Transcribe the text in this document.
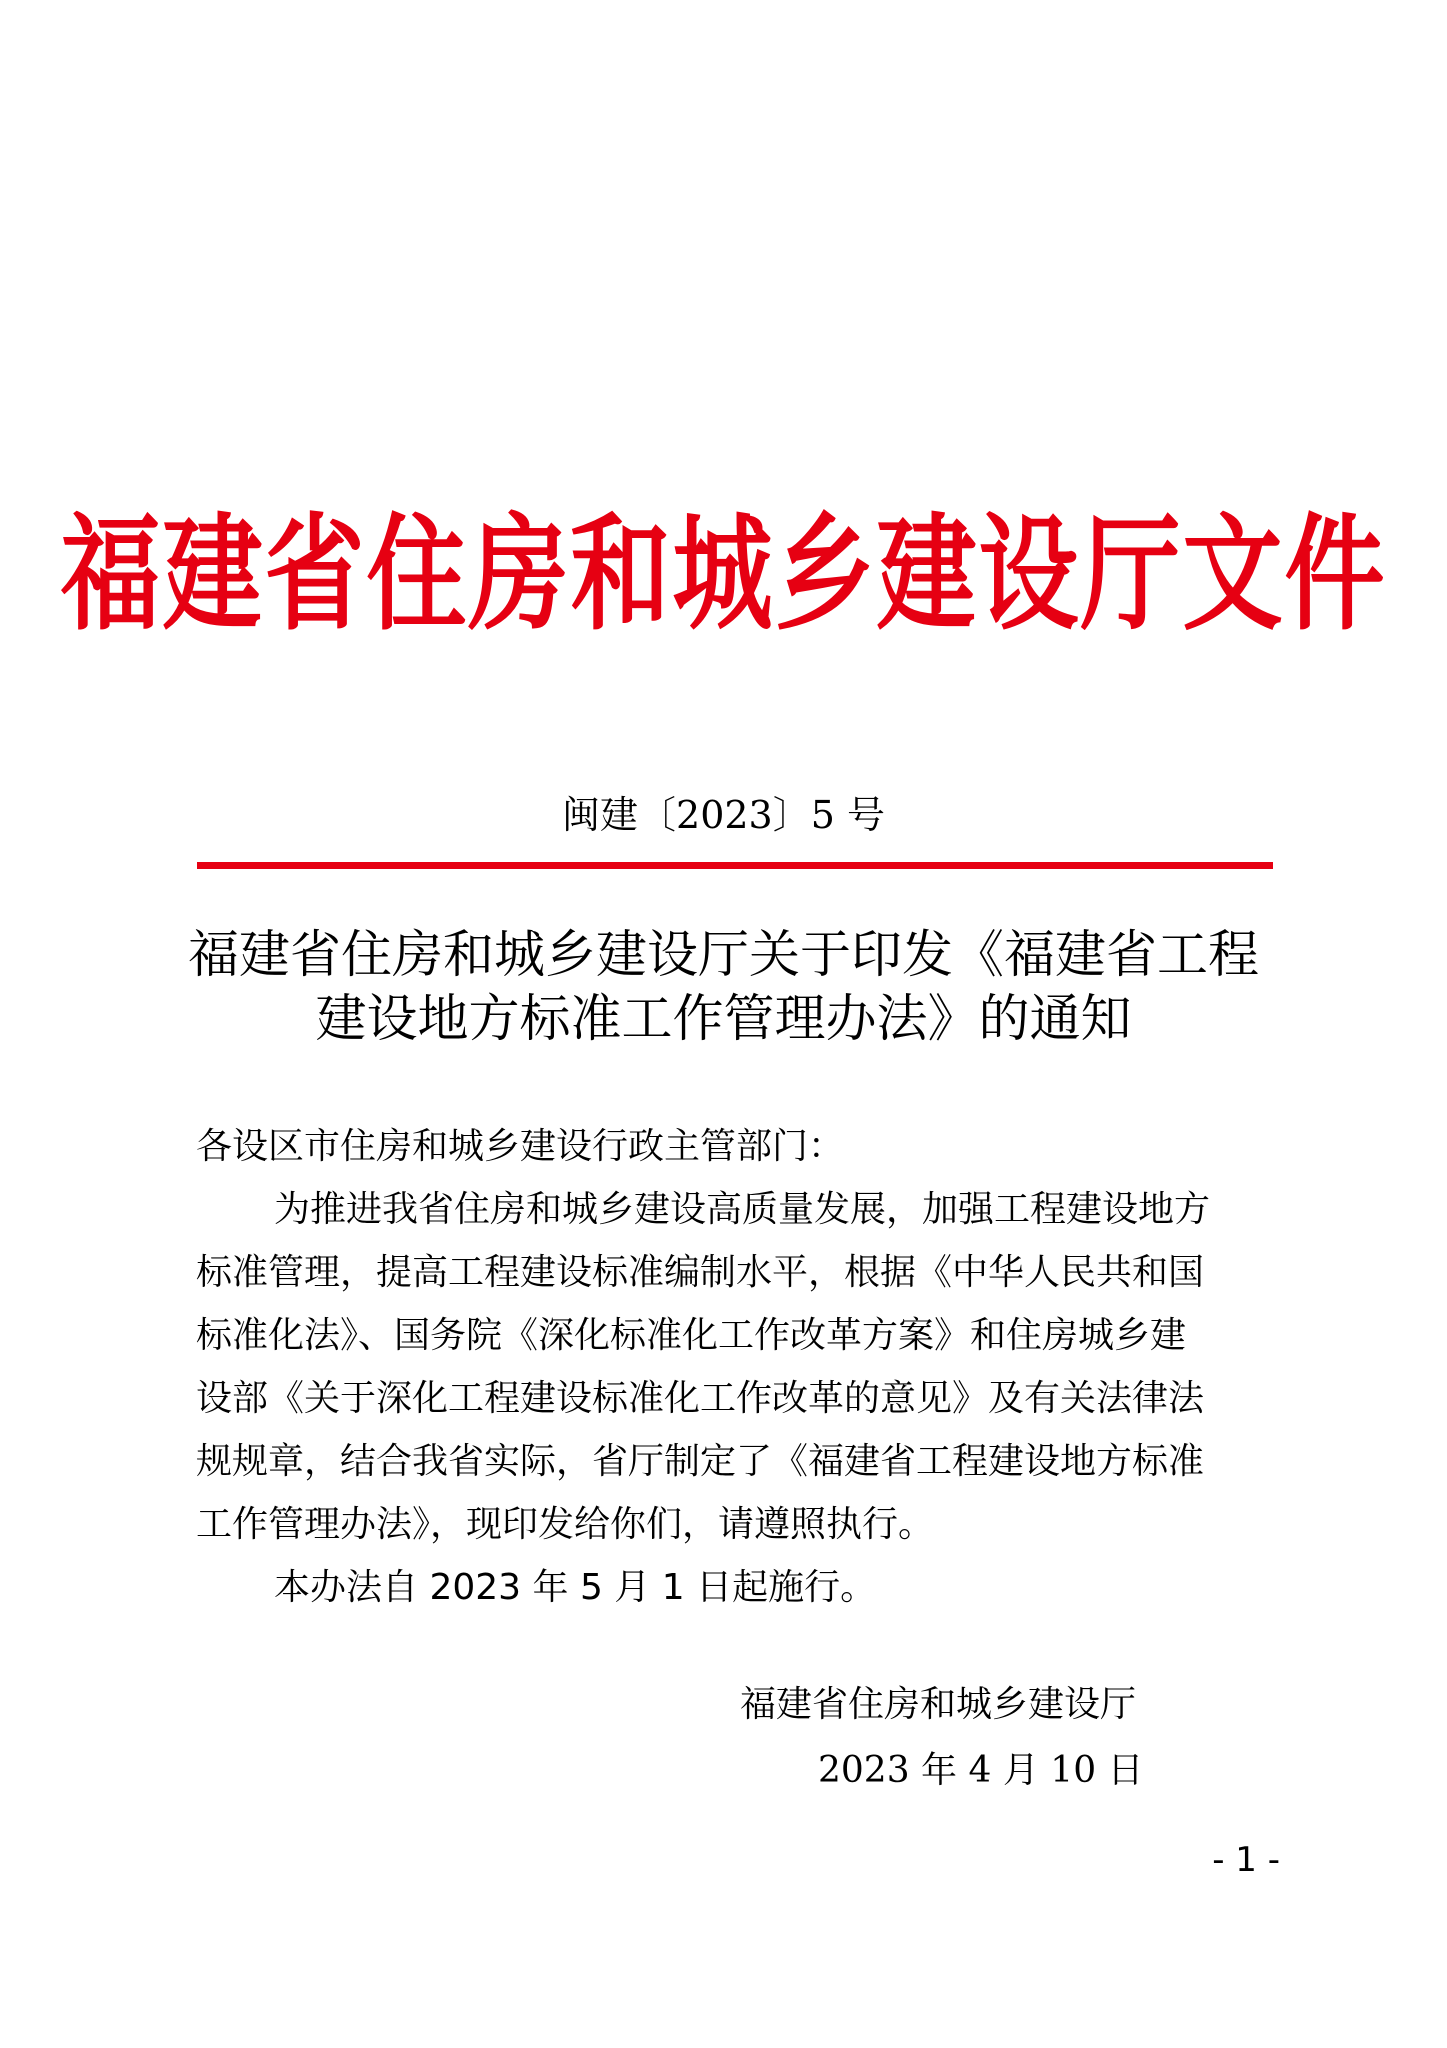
福建省住房和城乡建设厅文件
闽建〔2023〕5 号
福建省住房和城乡建设厅关于印发《福建省工程
建设地方标准工作管理办法》的通知
各设区市住房和城乡建设行政主管部门：
为推进我省住房和城乡建设高质量发展，加强工程建设地方
标准管理，提高工程建设标准编制水平，根据《中华人民共和国
标准化法》、国务院《深化标准化工作改革方案》和住房城乡建
设部《关于深化工程建设标准化工作改革的意见》及有关法律法
规规章，结合我省实际，省厅制定了《福建省工程建设地方标准
工作管理办法》，现印发给你们，请遵照执行。
本办法自 2023 年 5 月 1 日起施行。
福建省住房和城乡建设厅
2023 年 4 月 10 日
- 1 -
